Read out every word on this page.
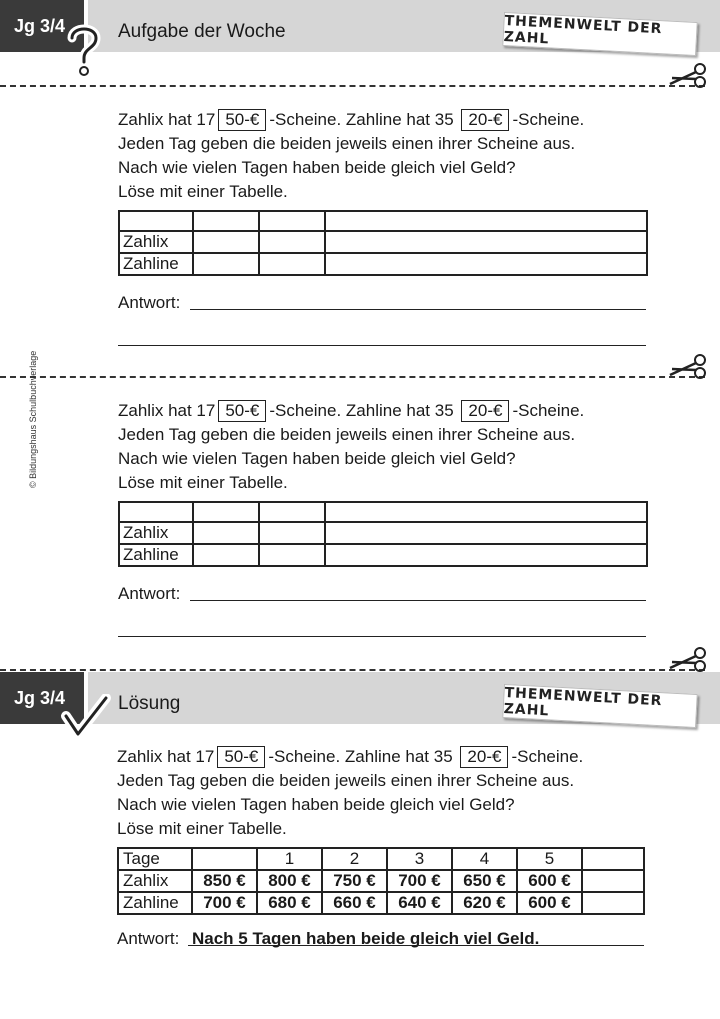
Jg 3/4	Aufgabe der Woche	THEMENWELT DER ZAHL
Zahlix hat 17 50-€ -Scheine. Zahline hat 35 20-€ -Scheine.
Jeden Tag geben die beiden jeweils einen ihrer Scheine aus.
Nach wie vielen Tagen haben beide gleich viel Geld?
Löse mit einer Tabelle.

Zahlix			
Zahline			
Antwort:
© Bildungshaus Schulbuchverlage	Zahlix hat 17 50-€ -Scheine. Zahline hat 35 20-€ -Scheine.
Jeden Tag geben die beiden jeweils einen ihrer Scheine aus.
Nach wie vielen Tagen haben beide gleich viel Geld?
Löse mit einer Tabelle.

Zahlix			
Zahline			
Antwort:
Jg 3/4	Lösung	THEMENWELT DER ZAHL
Zahlix hat 17 50-€ -Scheine. Zahline hat 35 20-€ -Scheine.
Jeden Tag geben die beiden jeweils einen ihrer Scheine aus.
Nach wie vielen Tagen haben beide gleich viel Geld?
Löse mit einer Tabelle.
Tage		1	2	3	4	5	
Zahlix	850 €	800 €	750 €	700 €	650 €	600 €	
Zahline	700 €	680 €	660 €	640 €	620 €	600 €	
Antwort: Nach 5 Tagen haben beide gleich viel Geld.
